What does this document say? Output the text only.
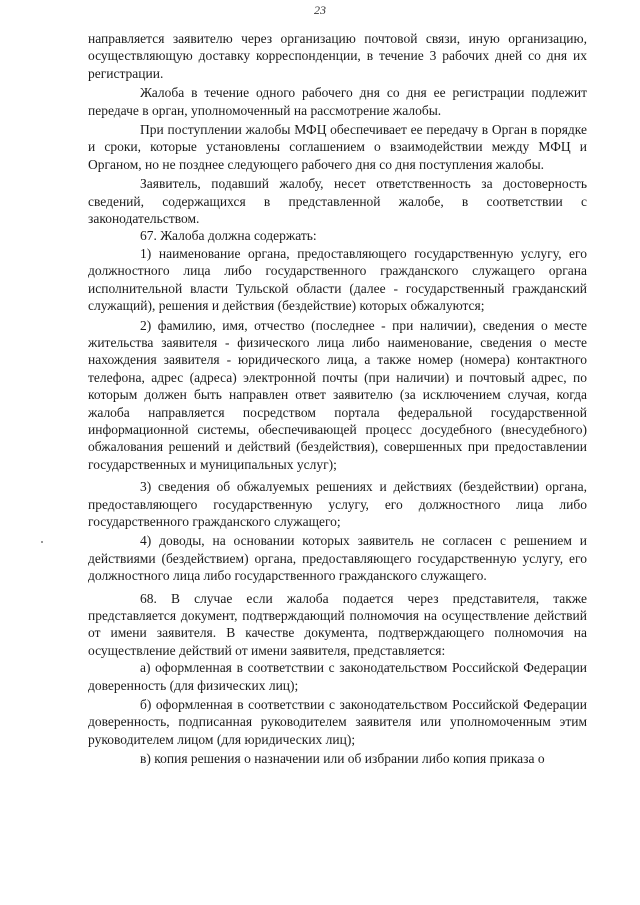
23

направляется заявителю через организацию почтовой связи, иную организацию, осуществляющую доставку корреспонденции, в течение 3 рабочих дней со дня их регистрации.

Жалоба в течение одного рабочего дня со дня ее регистрации подлежит передаче в орган, уполномоченный на рассмотрение жалобы.

При поступлении жалобы МФЦ обеспечивает ее передачу в Орган в порядке и сроки, которые установлены соглашением о взаимодействии между МФЦ и Органом, но не позднее следующего рабочего дня со дня поступления жалобы.

Заявитель, подавший жалобу, несет ответственность за достоверность сведений, содержащихся в представленной жалобе, в соответствии с законодательством.

67. Жалоба должна содержать:

1) наименование органа, предоставляющего государственную услугу, его должностного лица либо государственного гражданского служащего органа исполнительной власти Тульской области (далее - государственный гражданский служащий), решения и действия (бездействие) которых обжалуются;

2) фамилию, имя, отчество (последнее - при наличии), сведения о месте жительства заявителя - физического лица либо наименование, сведения о месте нахождения заявителя - юридического лица, а также номер (номера) контактного телефона, адрес (адреса) электронной почты (при наличии) и почтовый адрес, по которым должен быть направлен ответ заявителю (за исключением случая, когда жалоба направляется посредством портала федеральной государственной информационной системы, обеспечивающей процесс досудебного (внесудебного) обжалования решений и действий (бездействия), совершенных при предоставлении государственных и муниципальных услуг);

3) сведения об обжалуемых решениях и действиях (бездействии) органа, предоставляющего государственную услугу, его должностного лица либо государственного гражданского служащего;

4) доводы, на основании которых заявитель не согласен с решением и действиями (бездействием) органа, предоставляющего государственную услугу, его должностного лица либо государственного гражданского служащего.

68. В случае если жалоба подается через представителя, также представляется документ, подтверждающий полномочия на осуществление действий от имени заявителя. В качестве документа, подтверждающего полномочия на осуществление действий от имени заявителя, представляется:

а) оформленная в соответствии с законодательством Российской Федерации доверенность (для физических лиц);

б) оформленная в соответствии с законодательством Российской Федерации доверенность, подписанная руководителем заявителя или уполномоченным этим руководителем лицом (для юридических лиц);

в) копия решения о назначении или об избрании либо копия приказа о
